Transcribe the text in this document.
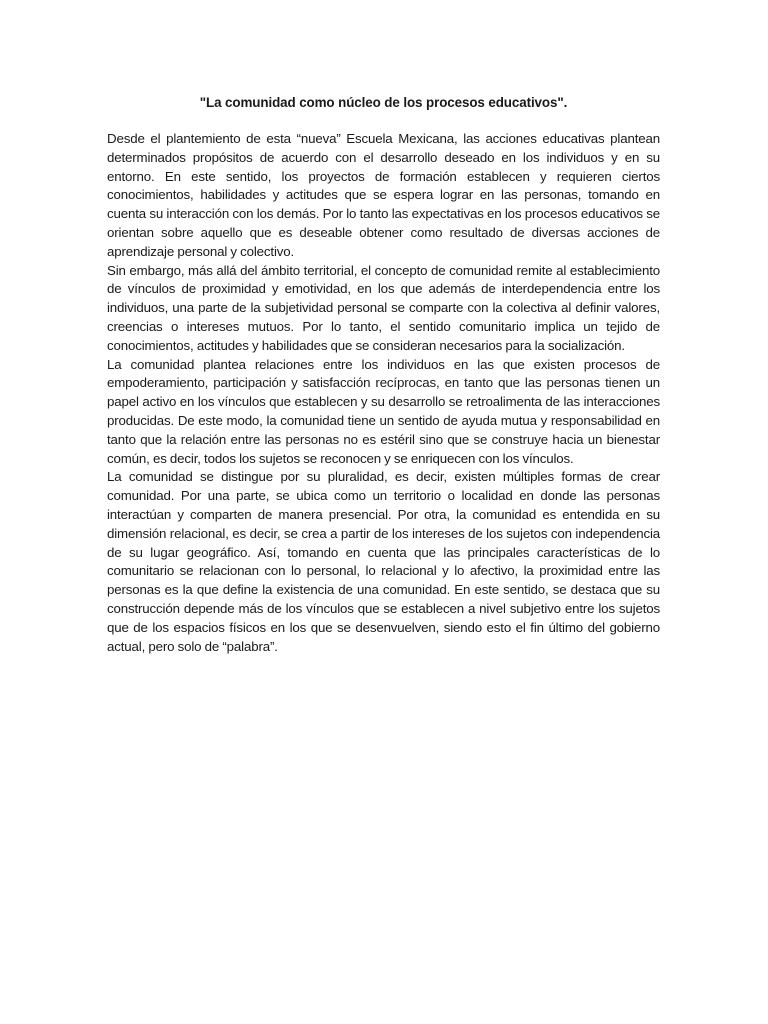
"La comunidad como núcleo de los procesos educativos".

Desde el plantemiento de esta “nueva” Escuela Mexicana, las acciones educativas plantean determinados propósitos de acuerdo con el desarrollo deseado en los individuos y en su entorno. En este sentido, los proyectos de formación establecen y requieren ciertos conocimientos, habilidades y actitudes que se espera lograr en las personas, tomando en cuenta su interacción con los demás. Por lo tanto las expectativas en los procesos educativos se orientan sobre aquello que es deseable obtener como resultado de diversas acciones de aprendizaje personal y colectivo.

Sin embargo, más allá del ámbito territorial, el concepto de comunidad remite al establecimiento de vínculos de proximidad y emotividad, en los que además de interdependencia entre los individuos, una parte de la subjetividad personal se comparte con la colectiva al definir valores, creencias o intereses mutuos. Por lo tanto, el sentido comunitario implica un tejido de conocimientos, actitudes y habilidades que se consideran necesarios para la socialización.

La comunidad plantea relaciones entre los individuos en las que existen procesos de empoderamiento, participación y satisfacción recíprocas, en tanto que las personas tienen un papel activo en los vínculos que establecen y su desarrollo se retroalimenta de las interacciones producidas. De este modo, la comunidad tiene un sentido de ayuda mutua y responsabilidad en tanto que la relación entre las personas no es estéril sino que se construye hacia un bienestar común, es decir, todos los sujetos se reconocen y se enriquecen con los vínculos.

La comunidad se distingue por su pluralidad, es decir, existen múltiples formas de crear comunidad. Por una parte, se ubica como un territorio o localidad en donde las personas interactúan y comparten de manera presencial. Por otra, la comunidad es entendida en su dimensión relacional, es decir, se crea a partir de los intereses de los sujetos con independencia de su lugar geográfico. Así, tomando en cuenta que las principales características de lo comunitario se relacionan con lo personal, lo relacional y lo afectivo, la proximidad entre las personas es la que define la existencia de una comunidad. En este sentido, se destaca que su construcción depende más de los vínculos que se establecen a nivel subjetivo entre los sujetos que de los espacios físicos en los que se desenvuelven, siendo esto el fin último del gobierno actual, pero solo de “palabra”.
